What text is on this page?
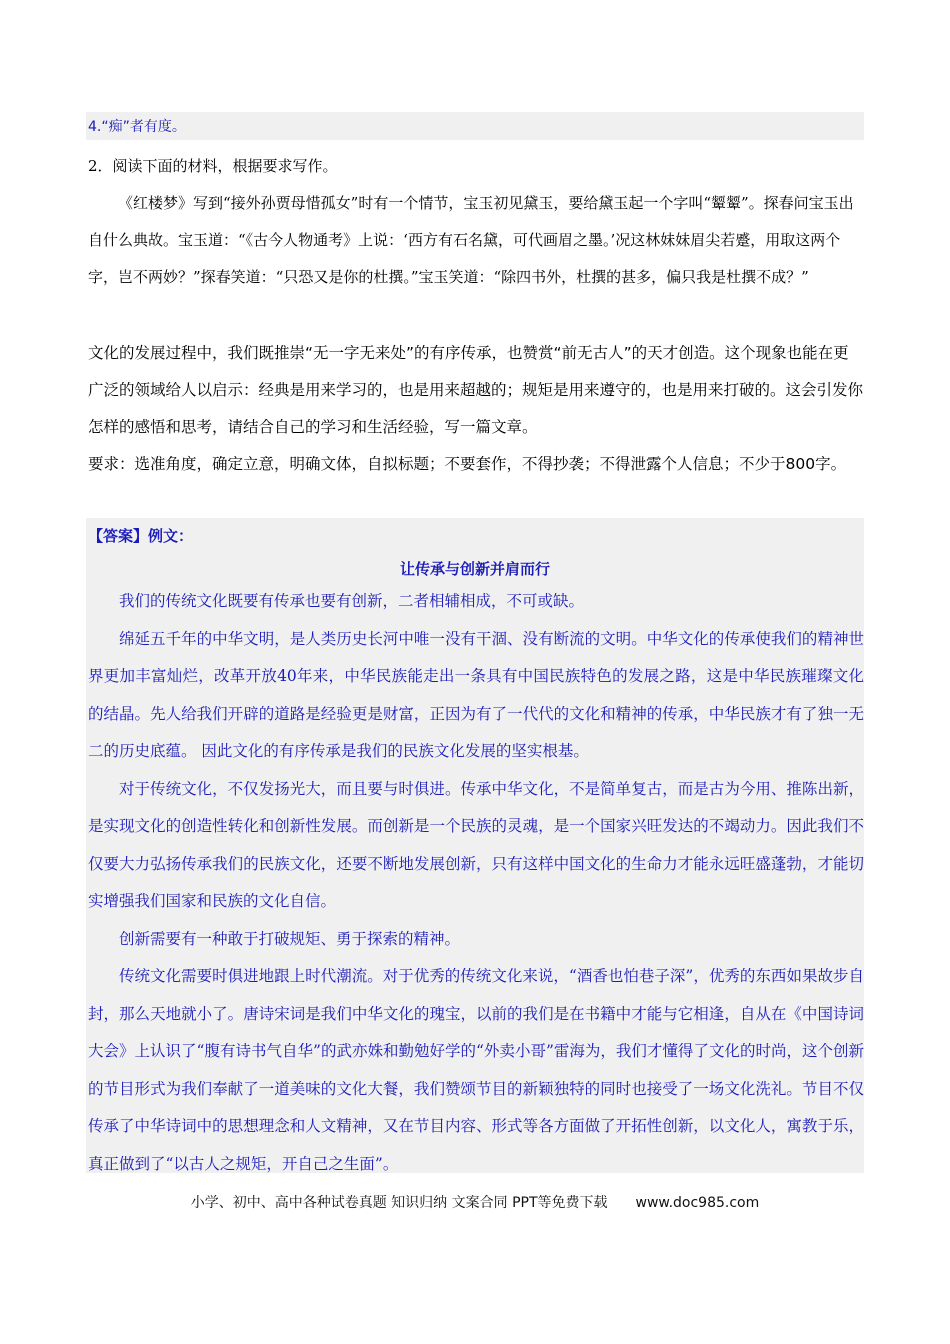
4.“痴”者有度。
2．阅读下面的材料，根据要求写作。

《红楼梦》写到“接外孙贾母惜孤女”时有一个情节，宝玉初见黛玉，要给黛玉起一个字叫“颦颦”。探春问宝玉出自什么典故。宝玉道：“《古今人物通考》上说：‘西方有石名黛，可代画眉之墨。’况这林妹妹眉尖若蹙，用取这两个字，岂不两妙？”探春笑道：“只恐又是你的杜撰。”宝玉笑道：“除四书外，杜撰的甚多，偏只我是杜撰不成？”

文化的发展过程中，我们既推崇“无一字无来处”的有序传承，也赞赏“前无古人”的天才创造。这个现象也能在更广泛的领域给人以启示：经典是用来学习的，也是用来超越的；规矩是用来遵守的，也是用来打破的。这会引发你怎样的感悟和思考，请结合自己的学习和生活经验，写一篇文章。

要求：选准角度，确定立意，明确文体，自拟标题；不要套作，不得抄袭；不得泄露个人信息；不少于800字。

【答案】例文：
让传承与创新并肩而行

我们的传统文化既要有传承也要有创新，二者相辅相成，不可或缺。

绵延五千年的中华文明，是人类历史长河中唯一没有干涸、没有断流的文明。中华文化的传承使我们的精神世界更加丰富灿烂，改革开放40年来，中华民族能走出一条具有中国民族特色的发展之路，这是中华民族璀璨文化的结晶。先人给我们开辟的道路是经验更是财富，正因为有了一代代的文化和精神的传承，中华民族才有了独一无二的历史底蕴。 因此文化的有序传承是我们的民族文化发展的坚实根基。

对于传统文化，不仅发扬光大，而且要与时俱进。传承中华文化，不是简单复古，而是古为今用、推陈出新，是实现文化的创造性转化和创新性发展。而创新是一个民族的灵魂，是一个国家兴旺发达的不竭动力。因此我们不仅要大力弘扬传承我们的民族文化，还要不断地发展创新，只有这样中国文化的生命力才能永远旺盛蓬勃，才能切实增强我们国家和民族的文化自信。

创新需要有一种敢于打破规矩、勇于探索的精神。

传统文化需要时俱进地跟上时代潮流。对于优秀的传统文化来说，“酒香也怕巷子深”，优秀的东西如果故步自封，那么天地就小了。唐诗宋词是我们中华文化的瑰宝，以前的我们是在书籍中才能与它相逢，自从在《中国诗词大会》上认识了“腹有诗书气自华”的武亦姝和勤勉好学的“外卖小哥”雷海为，我们才懂得了文化的时尚，这个创新的节目形式为我们奉献了一道美味的文化大餐，我们赞颂节目的新颖独特的同时也接受了一场文化洗礼。节目不仅传承了中华诗词中的思想理念和人文精神，又在节目内容、形式等各方面做了开拓性创新，以文化人，寓教于乐，真正做到了“以古人之规矩，开自己之生面”。

小学、初中、高中各种试卷真题 知识归纳 文案合同 PPT等免费下载 www.doc985.com
